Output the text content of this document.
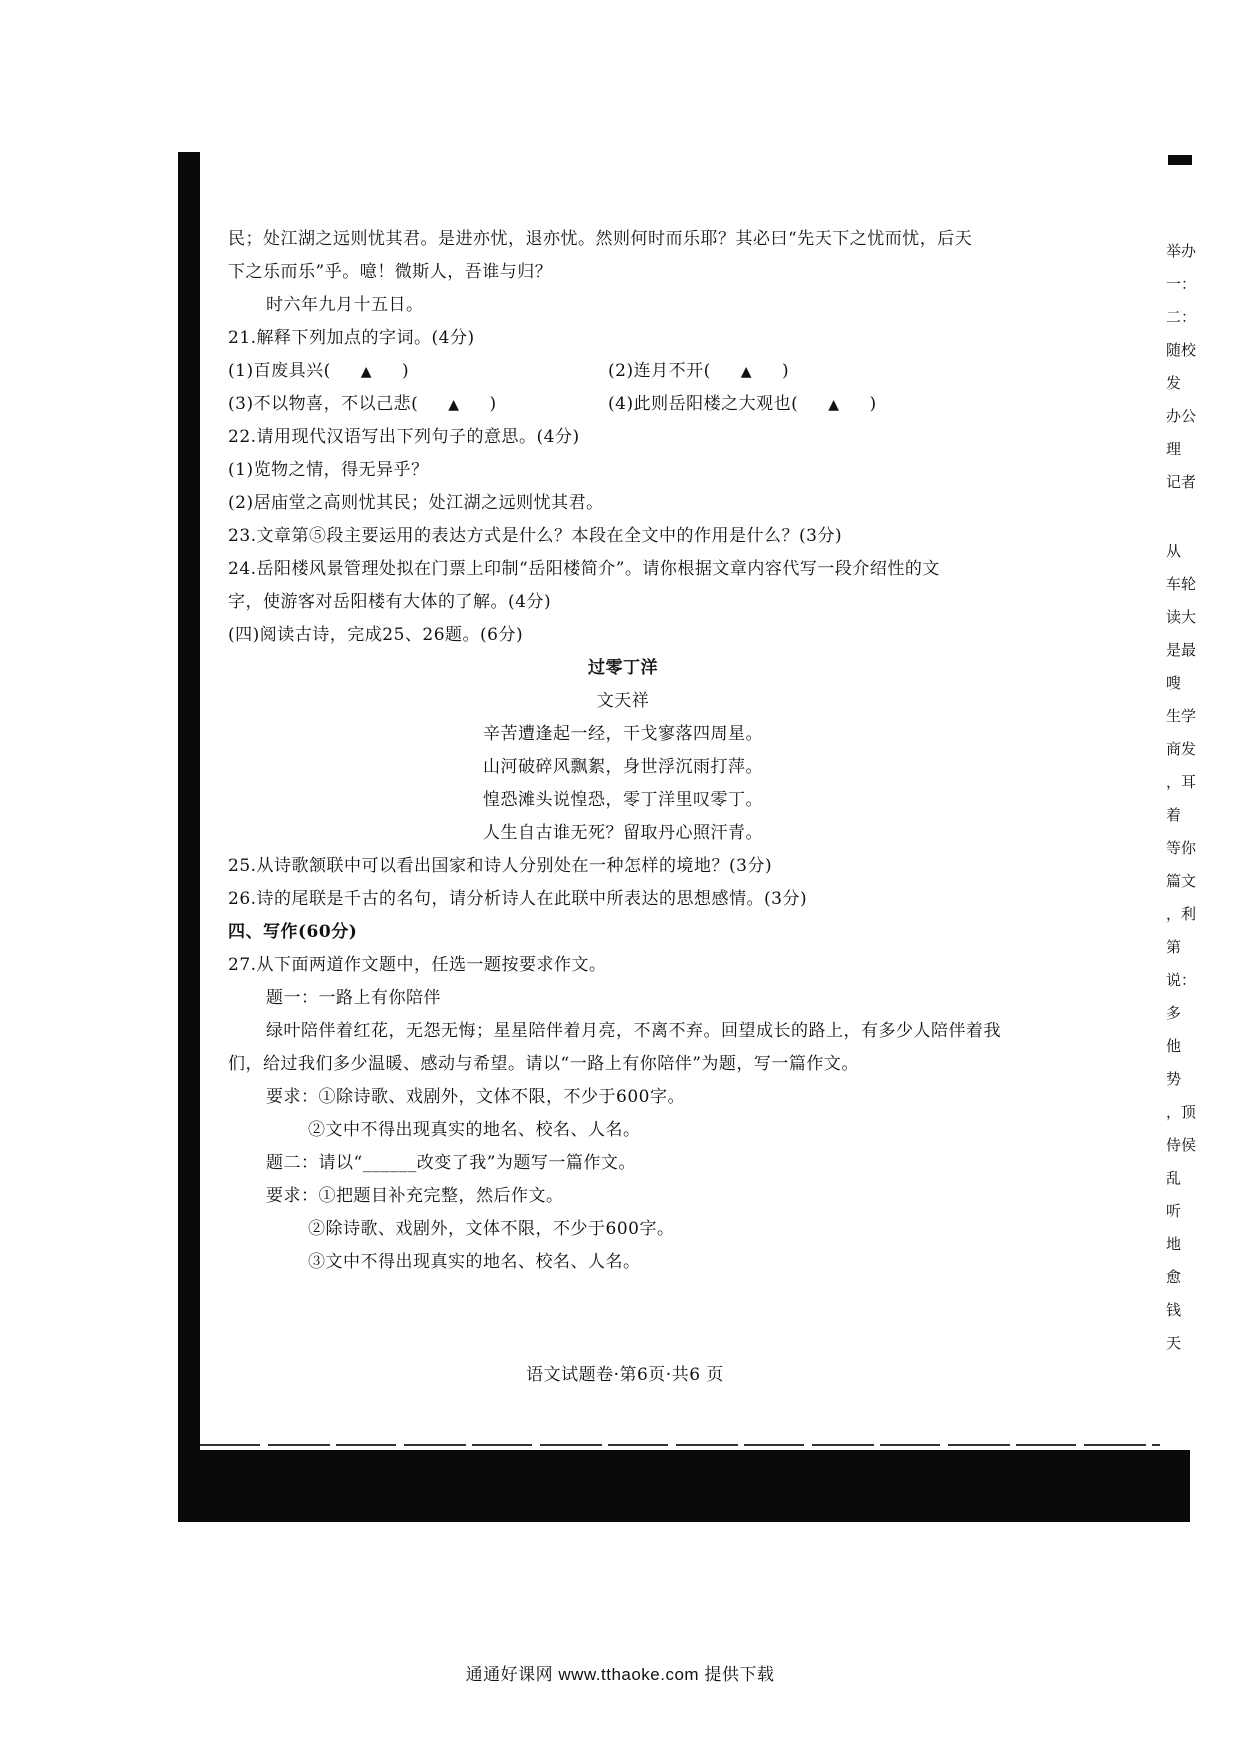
民；处江湖之远则忧其君。是进亦忧，退亦忧。然则何时而乐耶？其必曰“先天下之忧而忧，后天
下之乐而乐”乎。噫！微斯人，吾谁与归？
时六年九月十五日。
21.解释下列加点的字词。(4分)
(1)百废具兴( ▲ )	(2)连月不开( ▲ )
(3)不以物喜，不以己悲( ▲ )	(4)此则岳阳楼之大观也( ▲ )
22.请用现代汉语写出下列句子的意思。(4分)
(1)览物之情，得无异乎？
(2)居庙堂之高则忧其民；处江湖之远则忧其君。
23.文章第⑤段主要运用的表达方式是什么？本段在全文中的作用是什么？(3分)
24.岳阳楼风景管理处拟在门票上印制“岳阳楼简介”。请你根据文章内容代写一段介绍性的文
字，使游客对岳阳楼有大体的了解。(4分)
(四)阅读古诗，完成25、26题。(6分)
过零丁洋
文天祥
辛苦遭逢起一经，干戈寥落四周星。
山河破碎风飘絮，身世浮沉雨打萍。
惶恐滩头说惶恐，零丁洋里叹零丁。
人生自古谁无死？留取丹心照汗青。
25.从诗歌颔联中可以看出国家和诗人分别处在一种怎样的境地？(3分)
26.诗的尾联是千古的名句，请分析诗人在此联中所表达的思想感情。(3分)
四、写作(60分)
27.从下面两道作文题中，任选一题按要求作文。
题一：一路上有你陪伴
绿叶陪伴着红花，无怨无悔；星星陪伴着月亮，不离不弃。回望成长的路上，有多少人陪伴着我
们，给过我们多少温暖、感动与希望。请以“一路上有你陪伴”为题，写一篇作文。
要求：①除诗歌、戏剧外，文体不限，不少于600字。
②文中不得出现真实的地名、校名、人名。
题二：请以“______改变了我”为题写一篇作文。
要求：①把题目补充完整，然后作文。
②除诗歌、戏剧外，文体不限，不少于600字。
③文中不得出现真实的地名、校名、人名。
举办
一：
二：
随校
发
办公
理
记者
从
车轮
读大
是最
嗖
生学
商发
，耳
着
等你
篇文
，利
第
说：
多
他
势
，顶
侍侯
乱
听
地
愈
钱
天
语文试题卷·第6页·共6 页
通通好课网 www.tthaoke.com 提供下载
